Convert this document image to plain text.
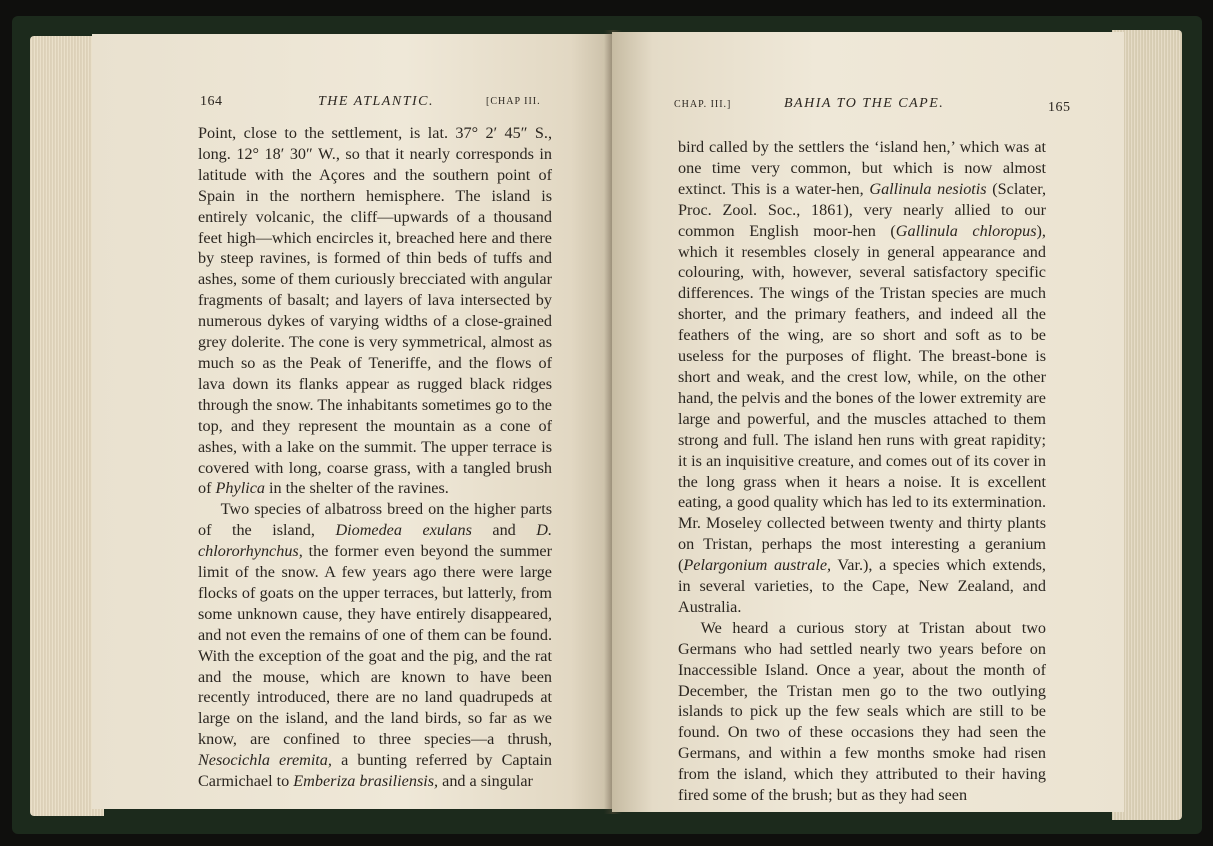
164	THE ATLANTIC.	[CHAP III.

Point, close to the settlement, is lat. 37° 2′ 45″ S., long. 12° 18′ 30″ W., so that it nearly corresponds in latitude with the Açores and the southern point of Spain in the northern hemisphere. The island is entirely volcanic, the cliff—upwards of a thousand feet high—which encircles it, breached here and there by steep ravines, is formed of thin beds of tuffs and ashes, some of them curiously brecciated with angular fragments of basalt; and layers of lava intersected by numerous dykes of varying widths of a close-grained grey dolerite. The cone is very symmetrical, almost as much so as the Peak of Teneriffe, and the flows of lava down its flanks appear as rugged black ridges through the snow. The inhabitants sometimes go to the top, and they represent the mountain as a cone of ashes, with a lake on the summit. The upper terrace is covered with long, coarse grass, with a tangled brush of Phylica in the shelter of the ravines.

Two species of albatross breed on the higher parts of the island, Diomedea exulans and D. chlororhynchus, the former even beyond the summer limit of the snow. A few years ago there were large flocks of goats on the upper terraces, but latterly, from some unknown cause, they have entirely disappeared, and not even the remains of one of them can be found. With the exception of the goat and the pig, and the rat and the mouse, which are known to have been recently introduced, there are no land quadrupeds at large on the island, and the land birds, so far as we know, are confined to three species—a thrush, Nesocichla eremita, a bunting referred by Captain Carmichael to Emberiza brasiliensis, and a singular

CHAP. III.]	BAHIA TO THE CAPE.	165

bird called by the settlers the ‘island hen,’ which was at one time very common, but which is now almost extinct. This is a water-hen, Gallinula nesiotis (Sclater, Proc. Zool. Soc., 1861), very nearly allied to our common English moor-hen (Gallinula chloropus), which it resembles closely in general appearance and colouring, with, however, several satisfactory specific differences. The wings of the Tristan species are much shorter, and the primary feathers, and indeed all the feathers of the wing, are so short and soft as to be useless for the purposes of flight. The breast-bone is short and weak, and the crest low, while, on the other hand, the pelvis and the bones of the lower extremity are large and powerful, and the muscles attached to them strong and full. The island hen runs with great rapidity; it is an inquisitive creature, and comes out of its cover in the long grass when it hears a noise. It is excellent eating, a good quality which has led to its extermination. Mr. Moseley collected between twenty and thirty plants on Tristan, perhaps the most interesting a geranium (Pelargonium australe, Var.), a species which extends, in several varieties, to the Cape, New Zealand, and Australia.

We heard a curious story at Tristan about two Germans who had settled nearly two years before on Inaccessible Island. Once a year, about the month of December, the Tristan men go to the two outlying islands to pick up the few seals which are still to be found. On two of these occasions they had seen the Germans, and within a few months smoke had risen from the island, which they attributed to their having fired some of the brush; but as they had seen
